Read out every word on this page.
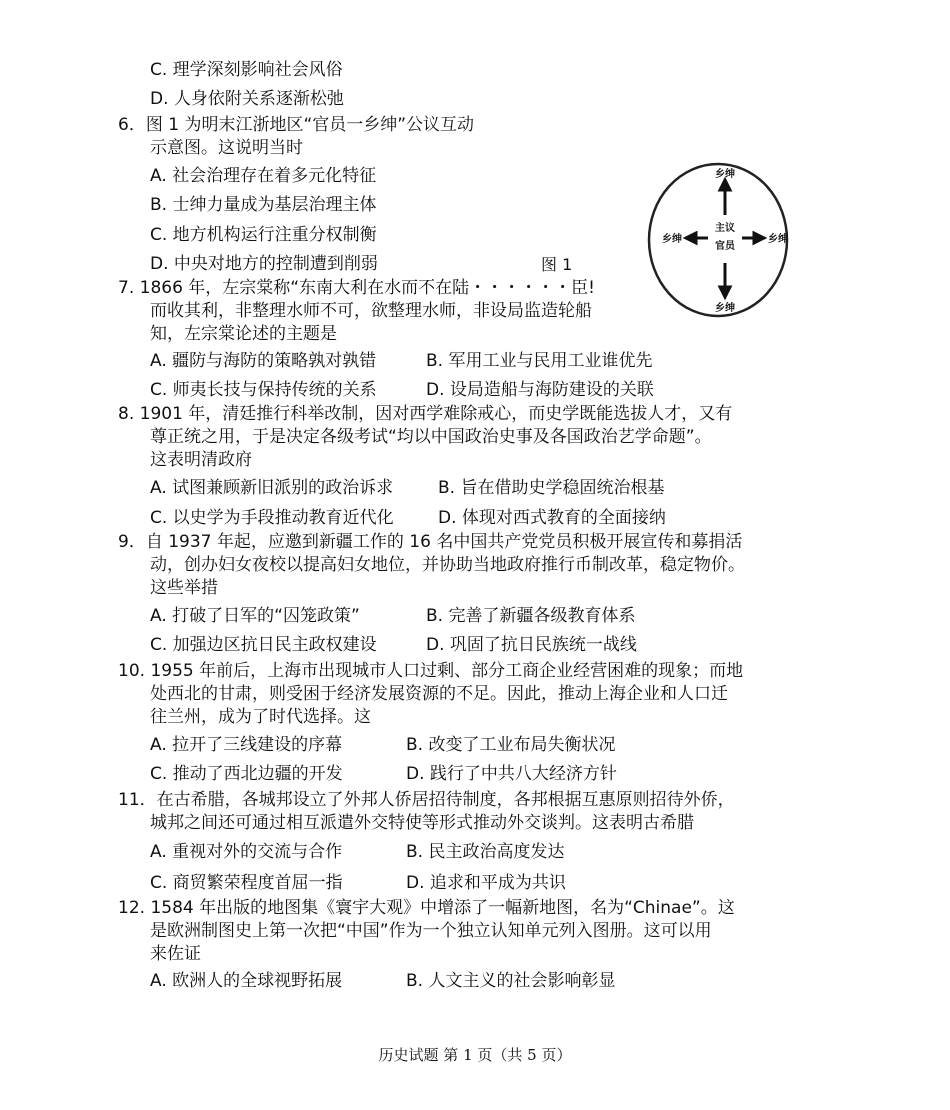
C. 理学深刻影响社会风俗
D. 人身依附关系逐渐松弛
6．图 1 为明末江浙地区“官员一乡绅”公议互动
示意图。这说明当时
A. 社会治理存在着多元化特征
B. 士绅力量成为基层治理主体
C. 地方机构运行注重分权制衡
D. 中央对地方的控制遭到削弱	图 1
7. 1866 年，左宗棠称“东南大利在水而不在陆・・・・・・臣!
而收其利，非整理水师不可，欲整理水师，非设局监造轮船
知，左宗棠论述的主题是
乡绅
乡绅
乡绅	乡绅
主议
官员
A. 疆防与海防的策略孰对孰错	B. 军用工业与民用工业谁优先
C. 师夷长技与保持传统的关系	D. 设局造船与海防建设的关联
8. 1901 年，清廷推行科举改制，因对西学难除戒心，而史学既能选拔人才，又有
尊正统之用，于是决定各级考试“均以中国政治史事及各国政治艺学命题”。
这表明清政府
A. 试图兼顾新旧派别的政治诉求	B. 旨在借助史学稳固统治根基
C. 以史学为手段推动教育近代化	D. 体现对西式教育的全面接纳
9．自 1937 年起，应邀到新疆工作的 16 名中国共产党党员积极开展宣传和募捐活
动，创办妇女夜校以提高妇女地位，并协助当地政府推行币制改革，稳定物价。
这些举措
A. 打破了日军的“囚笼政策”	B. 完善了新疆各级教育体系
C. 加强边区抗日民主政权建设	D. 巩固了抗日民族统一战线
10. 1955 年前后，上海市出现城市人口过剩、部分工商企业经营困难的现象；而地
处西北的甘肃，则受困于经济发展资源的不足。因此，推动上海企业和人口迁
往兰州，成为了时代选择。这
A. 拉开了三线建设的序幕	B. 改变了工业布局失衡状况
C. 推动了西北边疆的开发	D. 践行了中共八大经济方针
11．在古希腊，各城邦设立了外邦人侨居招待制度，各邦根据互惠原则招待外侨，
城邦之间还可通过相互派遣外交特使等形式推动外交谈判。这表明古希腊
A. 重视对外的交流与合作	B. 民主政治高度发达
C. 商贸繁荣程度首屈一指	D. 追求和平成为共识
12. 1584 年出版的地图集《寰宇大观》中增添了一幅新地图，名为“Chinae”。这
是欧洲制图史上第一次把“中国”作为一个独立认知单元列入图册。这可以用
来佐证
A. 欧洲人的全球视野拓展	B. 人文主义的社会影响彰显
历史试题 第 1 页（共 5 页）
